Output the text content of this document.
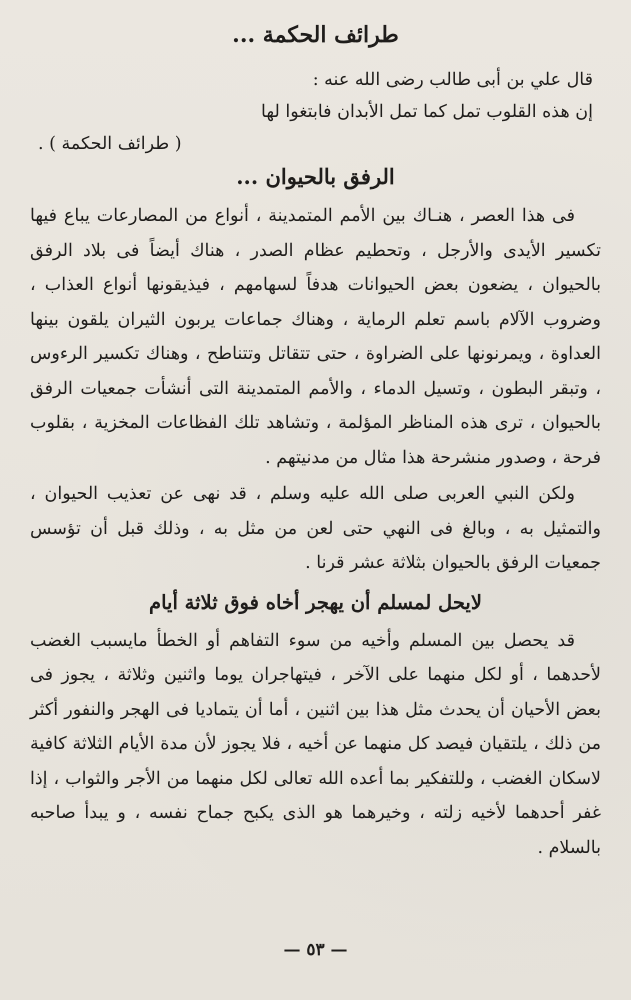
طرائف الحكمة ...

قال علي بن أبى طالب رضى الله عنه :

إن هذه القلوب تمل كما تمل الأبدان فابتغوا لها

( طرائف الحكمة ) .

الرفق بالحيوان ...

فى هذا العصر ، هنـاك بين الأمم المتمدينة ، أنواع من المصارعات يباع فيها تكسير الأيدى والأرجل ، وتحطيم عظام الصدر ، هناك أيضاً فى بلاد الرفق بالحيوان ، يضعون بعض الحيوانات هدفاً لسهامهم ، فيذيقونها أنواع العذاب ، وضروب الآلام باسم تعلم الرماية ، وهناك جماعات يربون الثيران يلقون بينها العداوة ، ويمرنونها على الضراوة ، حتى تتقاتل وتتناطح ، وهناك تكسير الرءوس ، وتبقر البطون ، وتسيل الدماء ، والأمم المتمدينة التى أنشأت جمعيات الرفق بالحيوان ، ترى هذه المناظر المؤلمة ، وتشاهد تلك الفظاعات المخزية ، بقلوب فرحة ، وصدور منشرحة هذا مثال من مدنيتهم .

ولكن النبي العربى صلى الله عليه وسلم ، قد نهى عن تعذيب الحيوان ، والتمثيل به ، وبالغ فى النهي حتى لعن من مثل به ، وذلك قبل أن تؤسس جمعيات الرفق بالحيوان بثلاثة عشر قرنا .

لايحل لمسلم أن يهجر أخاه فوق ثلاثة أيام

قد يحصل بين المسلم وأخيه من سوء التفاهم أو الخطأ مايسبب الغضب لأحدهما ، أو لكل منهما على الآخر ، فيتهاجران يوما واثنين وثلاثة ، يجوز فى بعض الأحيان أن يحدث مثل هذا بين اثنين ، أما أن يتماديا فى الهجر والنفور أكثر من ذلك ، يلتقيان فيصد كل منهما عن أخيه ، فلا يجوز لأن مدة الأيام الثلاثة كافية لاسكان الغضب ، وللتفكير بما أعده الله تعالى لكل منهما من الأجر والثواب ، إذا غفر أحدهما لأخيه زلته ، وخيرهما هو الذى يكبح جماح نفسه ، و يبدأ صاحبه بالسلام .

— ٥٣ —
